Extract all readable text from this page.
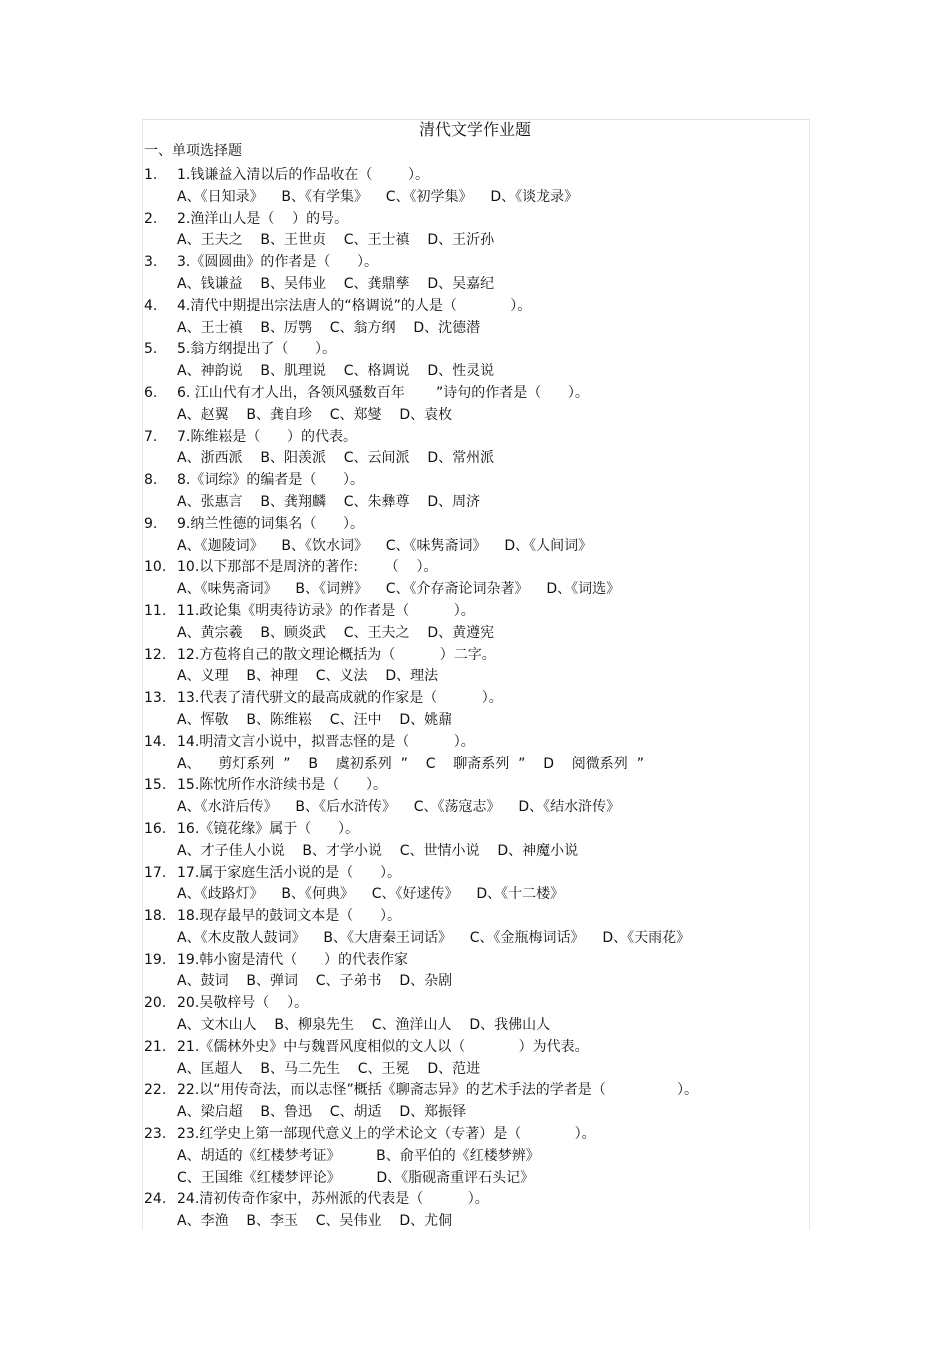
清代文学作业题
一、单项选择题
1. 1.钱谦益入清以后的作品收在（        ）。
A、《日知录》    B、《有学集》    C、《初学集》    D、《谈龙录》
2. 2.渔洋山人是（    ）的号。
A、王夫之    B、王世贞    C、王士禛    D、王沂孙
3. 3.《圆圆曲》的作者是（      ）。
A、钱谦益    B、吴伟业    C、龚鼎孳    D、吴嘉纪
4. 4.清代中期提出宗法唐人的“格调说”的人是（            ）。
A、王士禛    B、厉鹗    C、翁方纲    D、沈德潜
5. 5.翁方纲提出了（      ）。
A、神韵说    B、肌理说    C、格调说    D、性灵说
6. 6. 江山代有才人出，各领风骚数百年       ”诗句的作者是（      ）。
A、赵翼    B、龚自珍    C、郑燮    D、袁枚
7. 7.陈维崧是（      ）的代表。
A、浙西派    B、阳羡派    C、云间派    D、常州派
8. 8.《词综》的编者是（      ）。
A、张惠言    B、龚翔麟    C、朱彝尊    D、周济
9. 9.纳兰性德的词集名（      ）。
A、《迦陵词》    B、《饮水词》    C、《味隽斋词》    D、《人间词》
10. 10.以下那部不是周济的著作:      （    ）。
A、《味隽斋词》    B、《词辨》    C、《介存斋论词杂著》    D、《词选》
11. 11.政论集《明夷待访录》的作者是（          ）。
A、黄宗羲    B、顾炎武    C、王夫之    D、黄遵宪
12. 12.方苞将自己的散文理论概括为（          ）二字。
A、义理    B、神理    C、义法    D、理法
13. 13.代表了清代骈文的最高成就的作家是（          ）。
A、恽敬    B、陈维崧    C、汪中    D、姚鼐
14. 14.明清文言小说中，拟晋志怪的是（          ）。
A、    剪灯系列  ”    B    虞初系列  ”    C    聊斋系列  ”    D    阅微系列  ”
15. 15.陈忱所作水浒续书是（      ）。
A、《水浒后传》    B、《后水浒传》    C、《荡寇志》    D、《结水浒传》
16. 16.《镜花缘》属于（      ）。
A、才子佳人小说    B、才学小说    C、世情小说    D、神魔小说
17. 17.属于家庭生活小说的是（      ）。
A、《歧路灯》    B、《何典》    C、《好逑传》    D、《十二楼》
18. 18.现存最早的鼓词文本是（      ）。
A、《木皮散人鼓词》    B、《大唐秦王词话》    C、《金瓶梅词话》    D、《天雨花》
19. 19.韩小窗是清代（      ）的代表作家
A、鼓词    B、弹词    C、子弟书    D、杂剧
20. 20.吴敬梓号（    ）。
A、文木山人    B、柳泉先生    C、渔洋山人    D、我佛山人
21. 21.《儒林外史》中与魏晋风度相似的文人以（            ）为代表。
A、匡超人    B、马二先生    C、王冕    D、范进
22. 22.以“用传奇法，而以志怪”概括《聊斋志异》的艺术手法的学者是（                ）。
A、梁启超    B、鲁迅    C、胡适    D、郑振铎
23. 23.红学史上第一部现代意义上的学术论文（专著）是（            ）。
A、胡适的《红楼梦考证》        B、俞平伯的《红楼梦辨》
C、王国维《红楼梦评论》        D、《脂砚斋重评石头记》
24. 24.清初传奇作家中，苏州派的代表是（          ）。
A、李渔    B、李玉    C、吴伟业    D、尤侗
